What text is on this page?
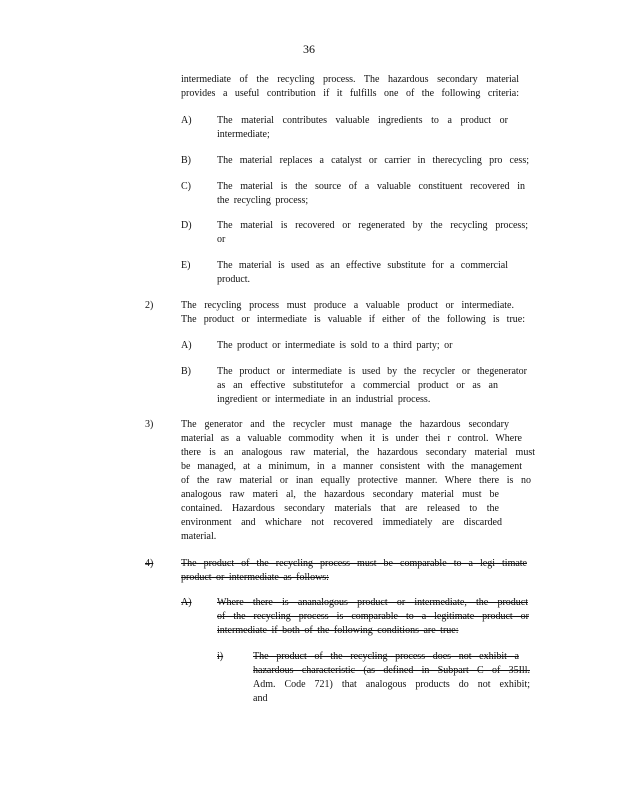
36
intermediate of the recycling process. The hazardous secondary material
provides a useful contribution if it fulfills one of the following criteria:
A)	The material contributes valuable ingredients to a product or
intermediate;
B)	The material replaces a catalyst or carrier in therecycling pro cess;
C)	The material is the source of a valuable constituent recovered in
the recycling process;
D)	The material is recovered or regenerated by the recycling process;
or
E)	The material is used as an effective substitute for a commercial
product.
2)	The recycling process must produce a valuable product or intermediate.
The product or intermediate is valuable if either of the following is true:
A)	The product or intermediate is sold to a third party; or
B)	The product or intermediate is used by the recycler or thegenerator
as an effective substitutefor a commercial product or as an
ingredient or intermediate in an industrial process.
3)	The generator and the recycler must manage the hazardous secondary
material as a valuable commodity when it is under thei r control. Where
there is an analogous raw material, the hazardous secondary material must
be managed, at a minimum, in a manner consistent with the management
of the raw material or inan equally protective manner. Where there is no
analogous raw materi al, the hazardous secondary material must be
contained. Hazardous secondary materials that are released to the
environment and whichare not recovered immediately are discarded
material.
4)	The product of the recycling process must be comparable to a legi timate
product or intermediate as follows:
A)	Where there is ananalogous product or intermediate, the product
of the recycling process is comparable to a legitimate product or
intermediate if both of the following conditions are true:
i)	The product of the recycling process does not exhibit a
hazardous characteristic (as defined in Subpart C of 35Ill.
Adm. Code 721) that analogous products do not exhibit;
and
